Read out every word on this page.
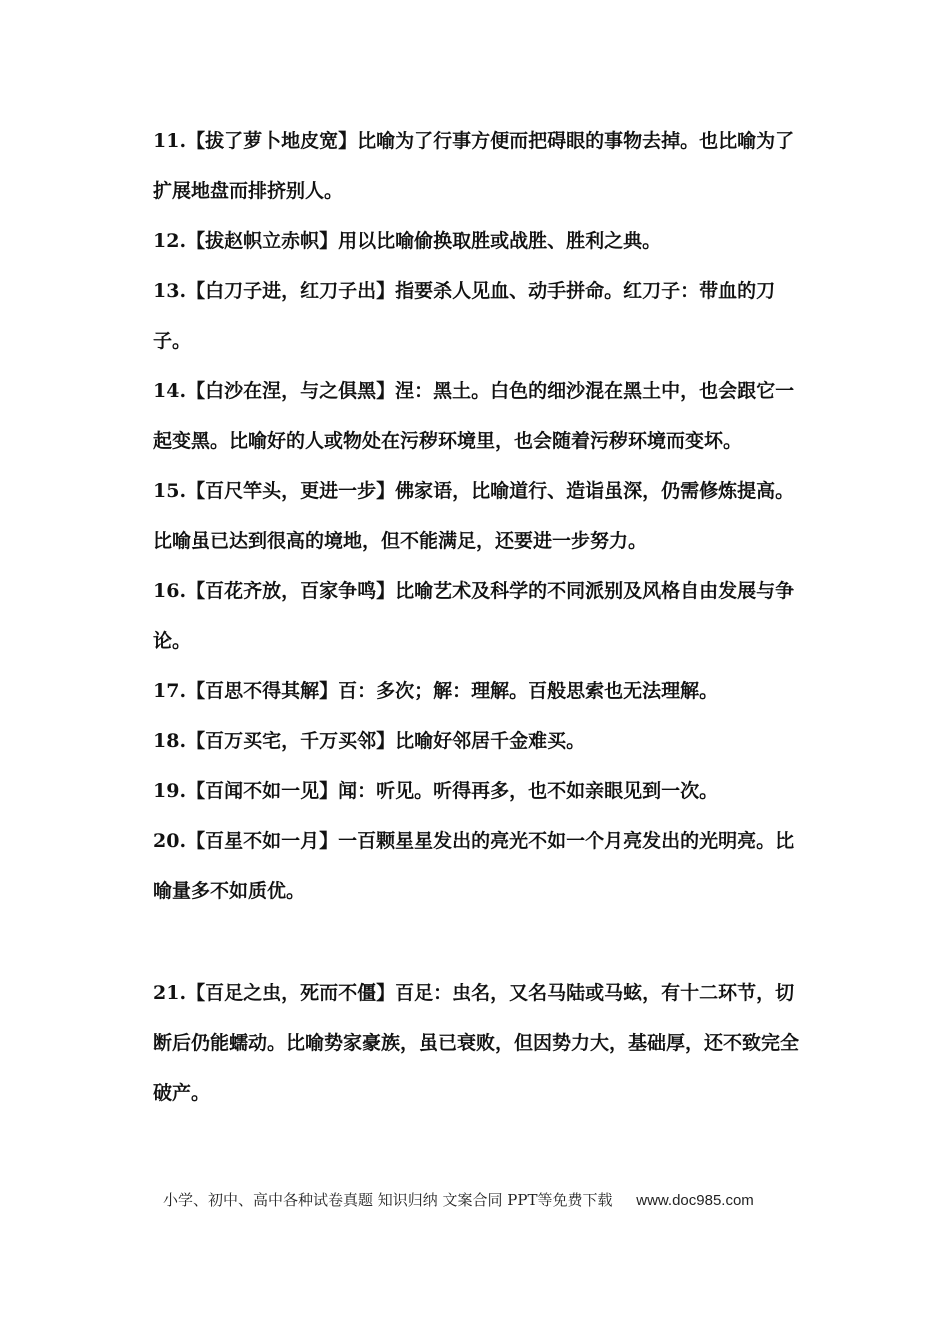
11.【拔了萝卜地皮宽】比喻为了行事方便而把碍眼的事物去掉。也比喻为了扩展地盘而排挤别人。

12.【拔赵帜立赤帜】用以比喻偷换取胜或战胜、胜利之典。

13.【白刀子进，红刀子出】指要杀人见血、动手拼命。红刀子：带血的刀子。

14.【白沙在涅，与之俱黑】涅：黑土。白色的细沙混在黑土中，也会跟它一起变黑。比喻好的人或物处在污秽环境里，也会随着污秽环境而变坏。

15.【百尺竿头，更进一步】佛家语，比喻道行、造诣虽深，仍需修炼提高。比喻虽已达到很高的境地，但不能满足，还要进一步努力。

16.【百花齐放，百家争鸣】比喻艺术及科学的不同派别及风格自由发展与争论。

17.【百思不得其解】百：多次；解：理解。百般思索也无法理解。

18.【百万买宅，千万买邻】比喻好邻居千金难买。

19.【百闻不如一见】闻：听见。听得再多，也不如亲眼见到一次。

20.【百星不如一月】一百颗星星发出的亮光不如一个月亮发出的光明亮。比喻量多不如质优。

21.【百足之虫，死而不僵】百足：虫名，又名马陆或马蚿，有十二环节，切断后仍能蠕动。比喻势家豪族，虽已衰败，但因势力大，基础厚，还不致完全破产。

小学、初中、高中各种试卷真题 知识归纳 文案合同 PPT等免费下载 www.doc985.com
